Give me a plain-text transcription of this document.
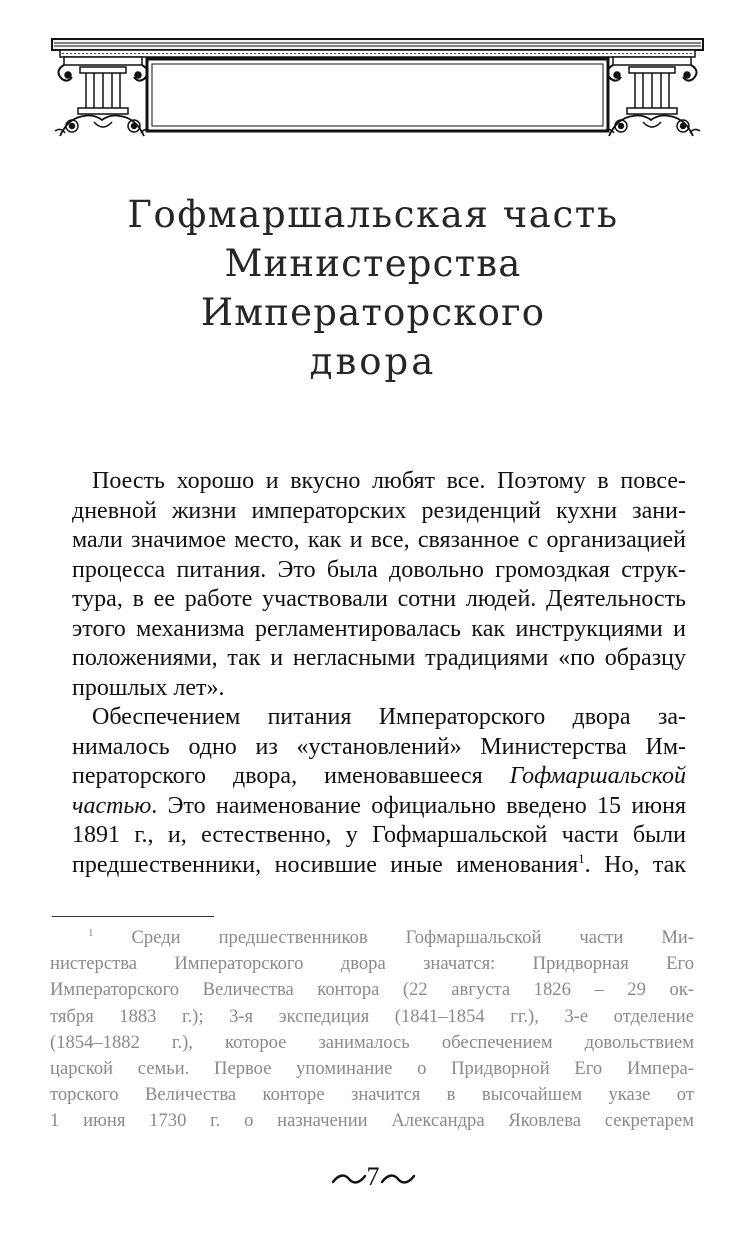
Гофмаршальская часть
Министерства Императорского
двора
Поесть хорошо и вкусно любят все. Поэтому в повсе-
дневной жизни императорских резиденций кухни зани-
мали значимое место, как и все, связанное с организацией
процесса питания. Это была довольно громоздкая струк-
тура, в ее работе участвовали сотни людей. Деятельность
этого механизма регламентировалась как инструкциями и
положениями, так и негласными традициями «по образцу
прошлых лет».
Обеспечением питания Императорского двора за-
нималось одно из «установлений» Министерства Им-
ператорского двора, именовавшееся Гофмаршальской
частью. Это наименование официально введено 15 июня
1891 г., и, естественно, у Гофмаршальской части были
предшественники, носившие иные именования$^1$. Но, так
$^1$ Среди предшественников Гофмаршальской части Ми-
нистерства Императорского двора значатся: Придворная Его
Императорского Величества контора (22 августа 1826 – 29 ок-
тября 1883 г.); 3-я экспедиция (1841–1854 гг.), 3-е отделение
(1854–1882 г.), которое занималось обеспечением довольствием
царской семьи. Первое упоминание о Придворной Его Импера-
торского Величества конторе значится в высочайшем указе от
1 июня 1730 г. о назначении Александра Яковлева секретарем
7
